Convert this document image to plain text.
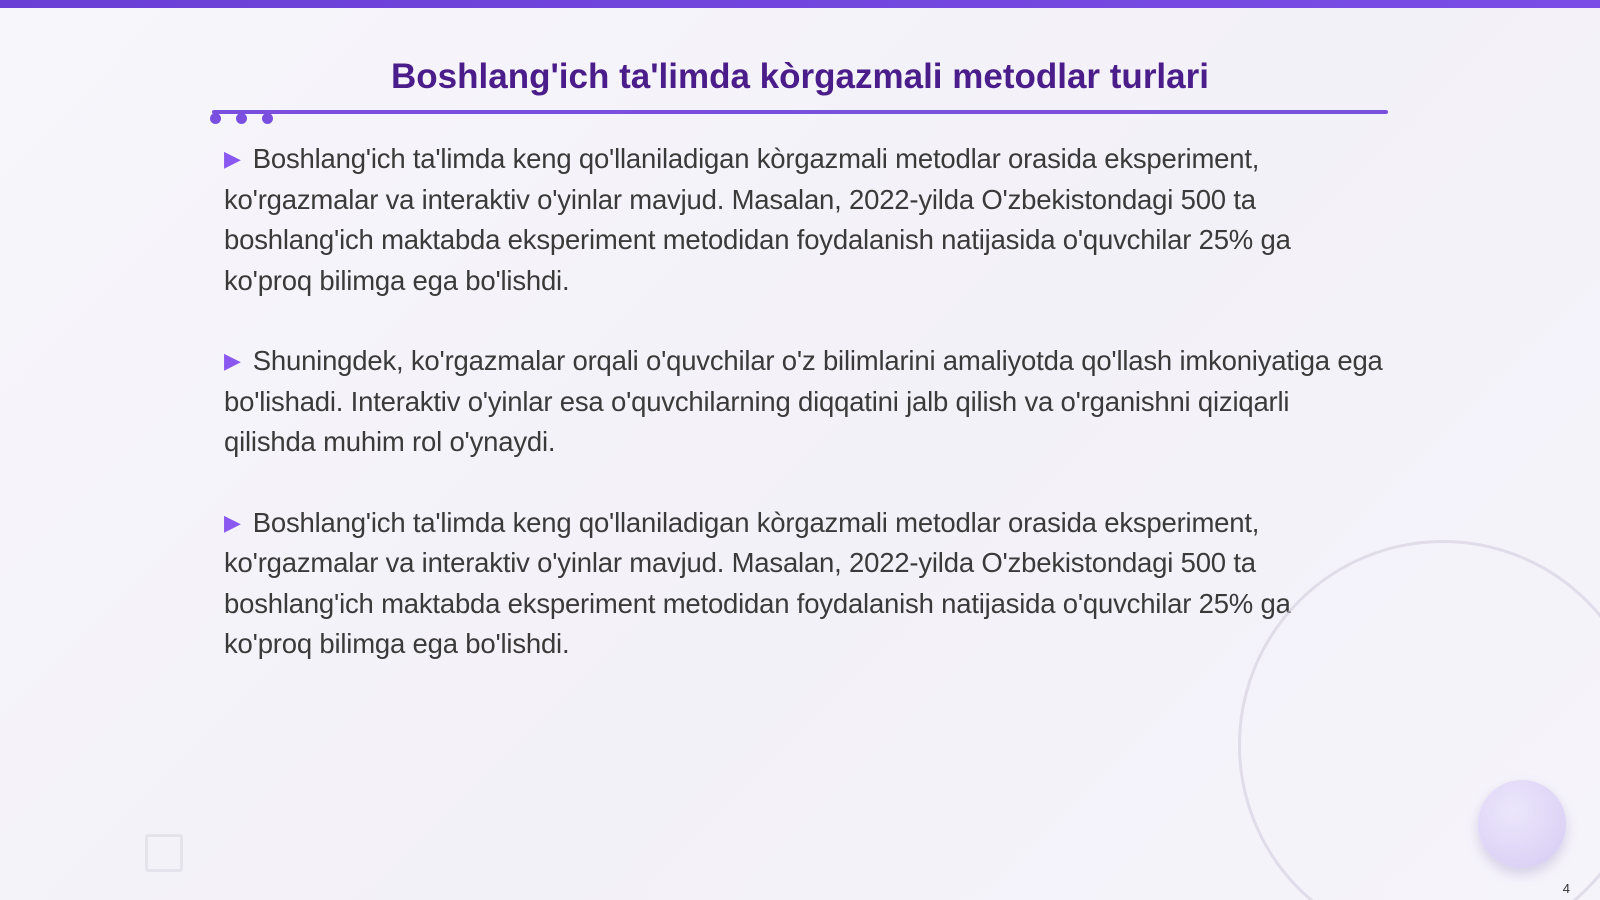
Boshlang'ich ta'limda kòrgazmali metodlar turlari

▶ Boshlang'ich ta'limda keng qo'llaniladigan kòrgazmali metodlar orasida eksperiment, ko'rgazmalar va interaktiv o'yinlar mavjud. Masalan, 2022-yilda O'zbekistondagi 500 ta boshlang'ich maktabda eksperiment metodidan foydalanish natijasida o'quvchilar 25% ga ko'proq bilimga ega bo'lishdi.

▶ Shuningdek, ko'rgazmalar orqali o'quvchilar o'z bilimlarini amaliyotda qo'llash imkoniyatiga ega bo'lishadi. Interaktiv o'yinlar esa o'quvchilarning diqqatini jalb qilish va o'rganishni qiziqarli qilishda muhim rol o'ynaydi.

▶ Boshlang'ich ta'limda keng qo'llaniladigan kòrgazmali metodlar orasida eksperiment, ko'rgazmalar va interaktiv o'yinlar mavjud. Masalan, 2022-yilda O'zbekistondagi 500 ta boshlang'ich maktabda eksperiment metodidan foydalanish natijasida o'quvchilar 25% ga ko'proq bilimga ega bo'lishdi.

4
